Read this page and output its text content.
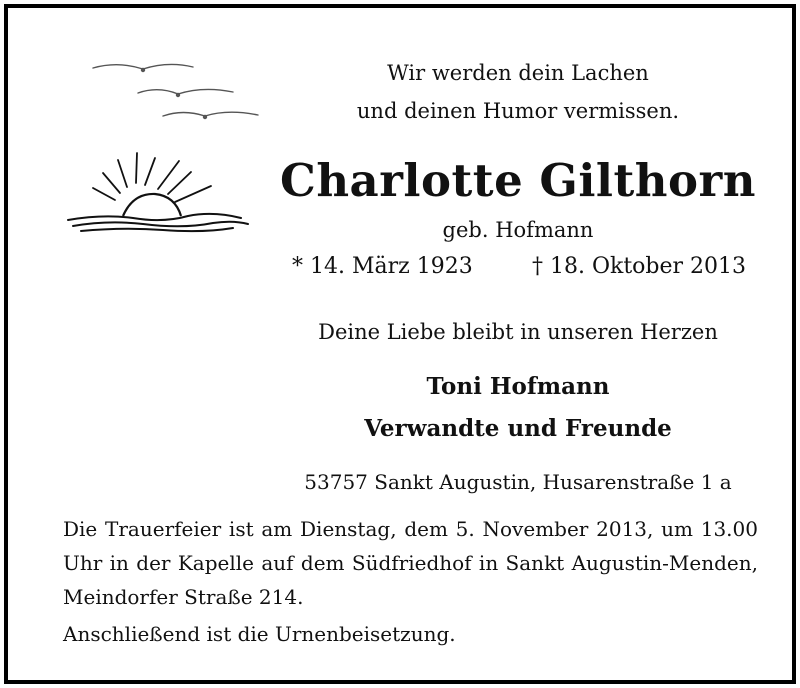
Wir werden dein Lachen
und deinen Humor vermissen.
Charlotte Gilthorn
geb. Hofmann
* 14. März 1923	† 18. Oktober 2013
Deine Liebe bleibt in unseren Herzen
Toni Hofmann
Verwandte und Freunde
53757 Sankt Augustin, Husarenstraße 1 a
Die Trauerfeier ist am Dienstag, dem 5. November 2013, um 13.00 Uhr in der Kapelle auf dem Südfriedhof in Sankt Augustin-Menden, Meindorfer Straße 214.
Anschließend ist die Urnenbeisetzung.
